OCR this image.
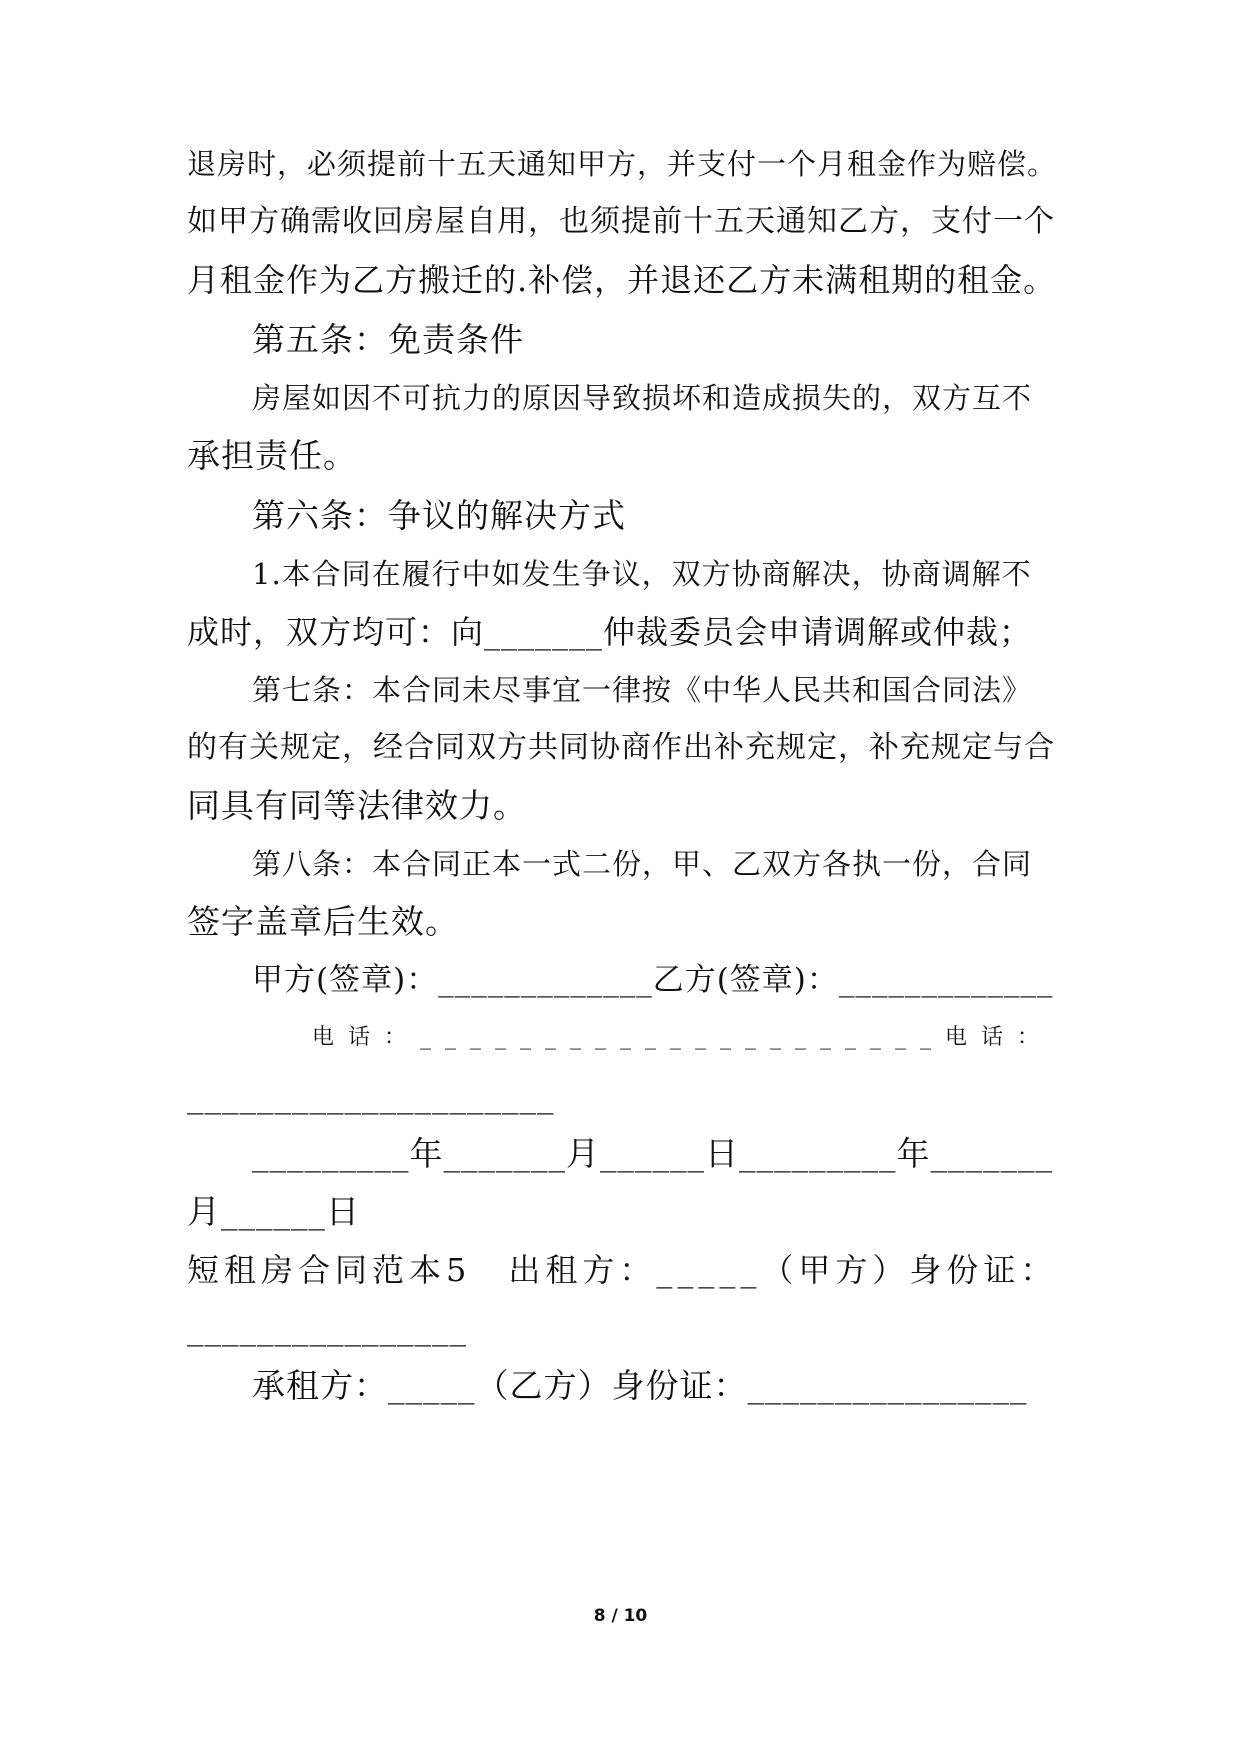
退房时，必须提前十五天通知甲方，并支付一个月租金作为赔偿。
如甲方确需收回房屋自用，也须提前十五天通知乙方，支付一个
月租金作为乙方搬迁的.补偿，并退还乙方未满租期的租金。
第五条：免责条件
房屋如因不可抗力的原因导致损坏和造成损失的，双方互不
承担责任。
第六条：争议的解决方式
1.本合同在履行中如发生争议，双方协商解决，协商调解不
成时，双方均可：向_______仲裁委员会申请调解或仲裁；
第七条：本合同未尽事宜一律按《中华人民共和国合同法》
的有关规定，经合同双方共同协商作出补充规定，补充规定与合
同具有同等法律效力。
第八条：本合同正本一式二份，甲、乙双方各执一份，合同
签字盖章后生效。
甲方(签章)：_____________乙方(签章)：_____________
电话：_____________________电话：
_____________________
_________年_______月______日_________年_______
月______日
短租房合同范本5　出租方：_____（甲方）身份证：
________________
承租方：_____（乙方）身份证：________________
8 / 10
